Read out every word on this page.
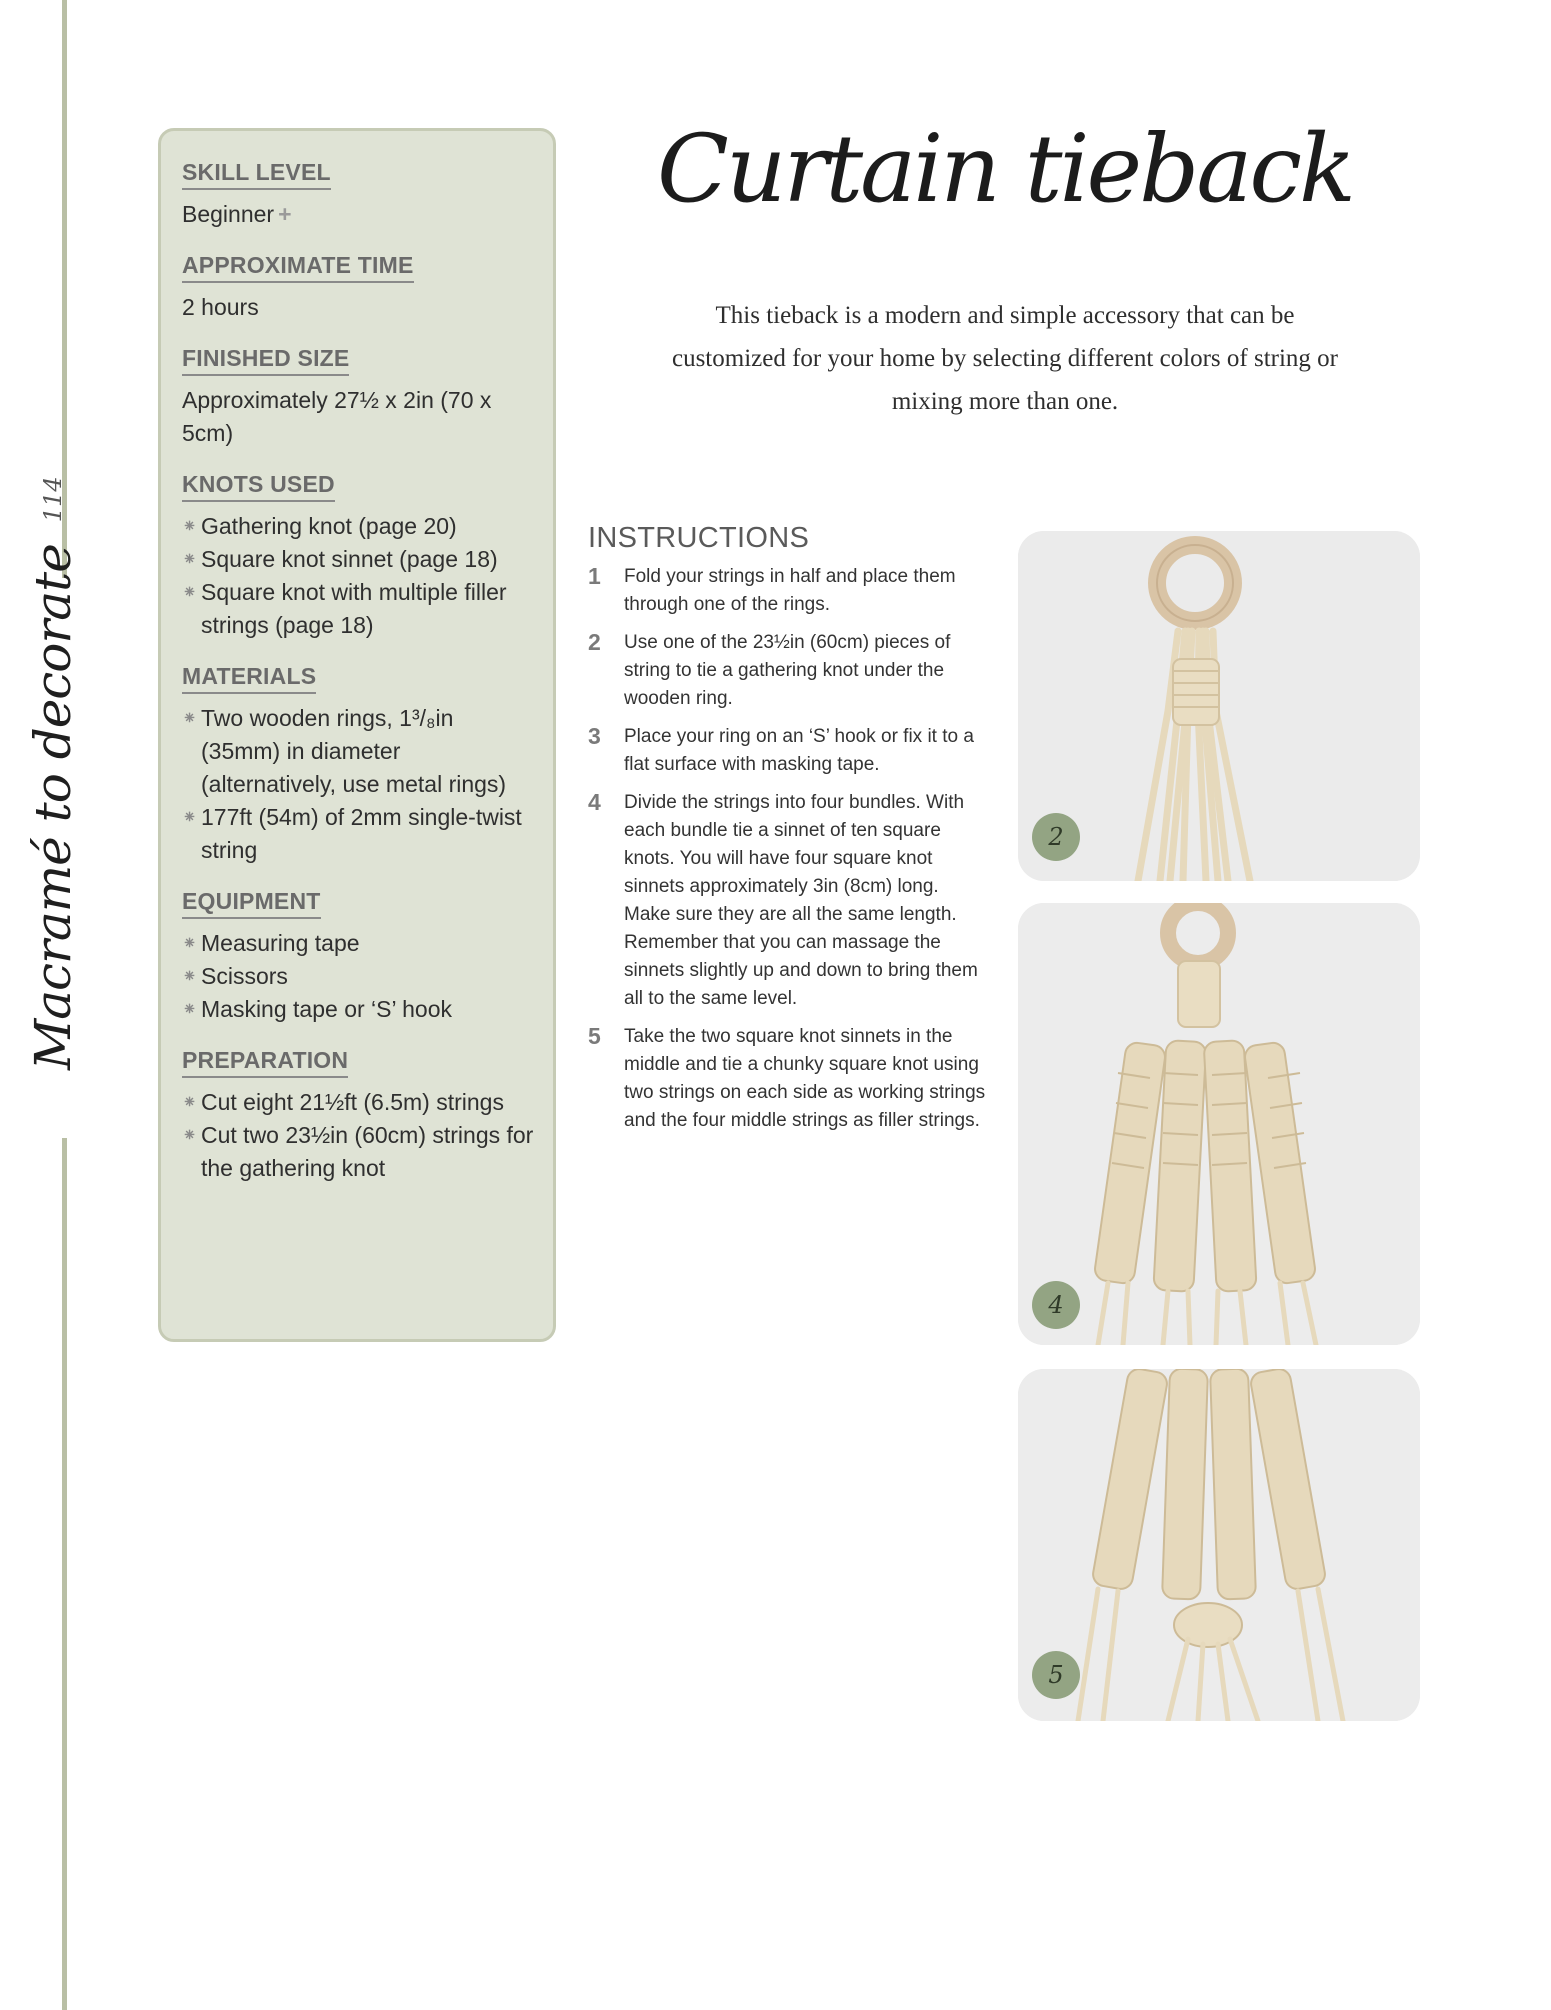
Macramé to decorate
114
SKILL LEVEL
Beginner +
APPROXIMATE TIME
2 hours
FINISHED SIZE
Approximately 27½ x 2in (70 x 5cm)
KNOTS USED
⁕ Gathering knot (page 20)
⁕ Square knot sinnet (page 18)
⁕ Square knot with multiple filler strings (page 18)
MATERIALS
⁕ Two wooden rings, 1³/₈in (35mm) in diameter (alternatively, use metal rings)
⁕ 177ft (54m) of 2mm single-twist string
EQUIPMENT
⁕ Measuring tape
⁕ Scissors
⁕ Masking tape or ‘S’ hook
PREPARATION
⁕ Cut eight 21½ft (6.5m) strings
⁕ Cut two 23½in (60cm) strings for the gathering knot
Curtain tieback
This tieback is a modern and simple accessory that can be customized for your home by selecting different colors of string or mixing more than one.
INSTRUCTIONS
1 Fold your strings in half and place them through one of the rings.
2 Use one of the 23½in (60cm) pieces of string to tie a gathering knot under the wooden ring.
3 Place your ring on an ‘S’ hook or fix it to a flat surface with masking tape.
4 Divide the strings into four bundles. With each bundle tie a sinnet of ten square knots. You will have four square knot sinnets approximately 3in (8cm) long. Make sure they are all the same length. Remember that you can massage the sinnets slightly up and down to bring them all to the same level.
5 Take the two square knot sinnets in the middle and tie a chunky square knot using two strings on each side as working strings and the four middle strings as filler strings.
2
4
5
